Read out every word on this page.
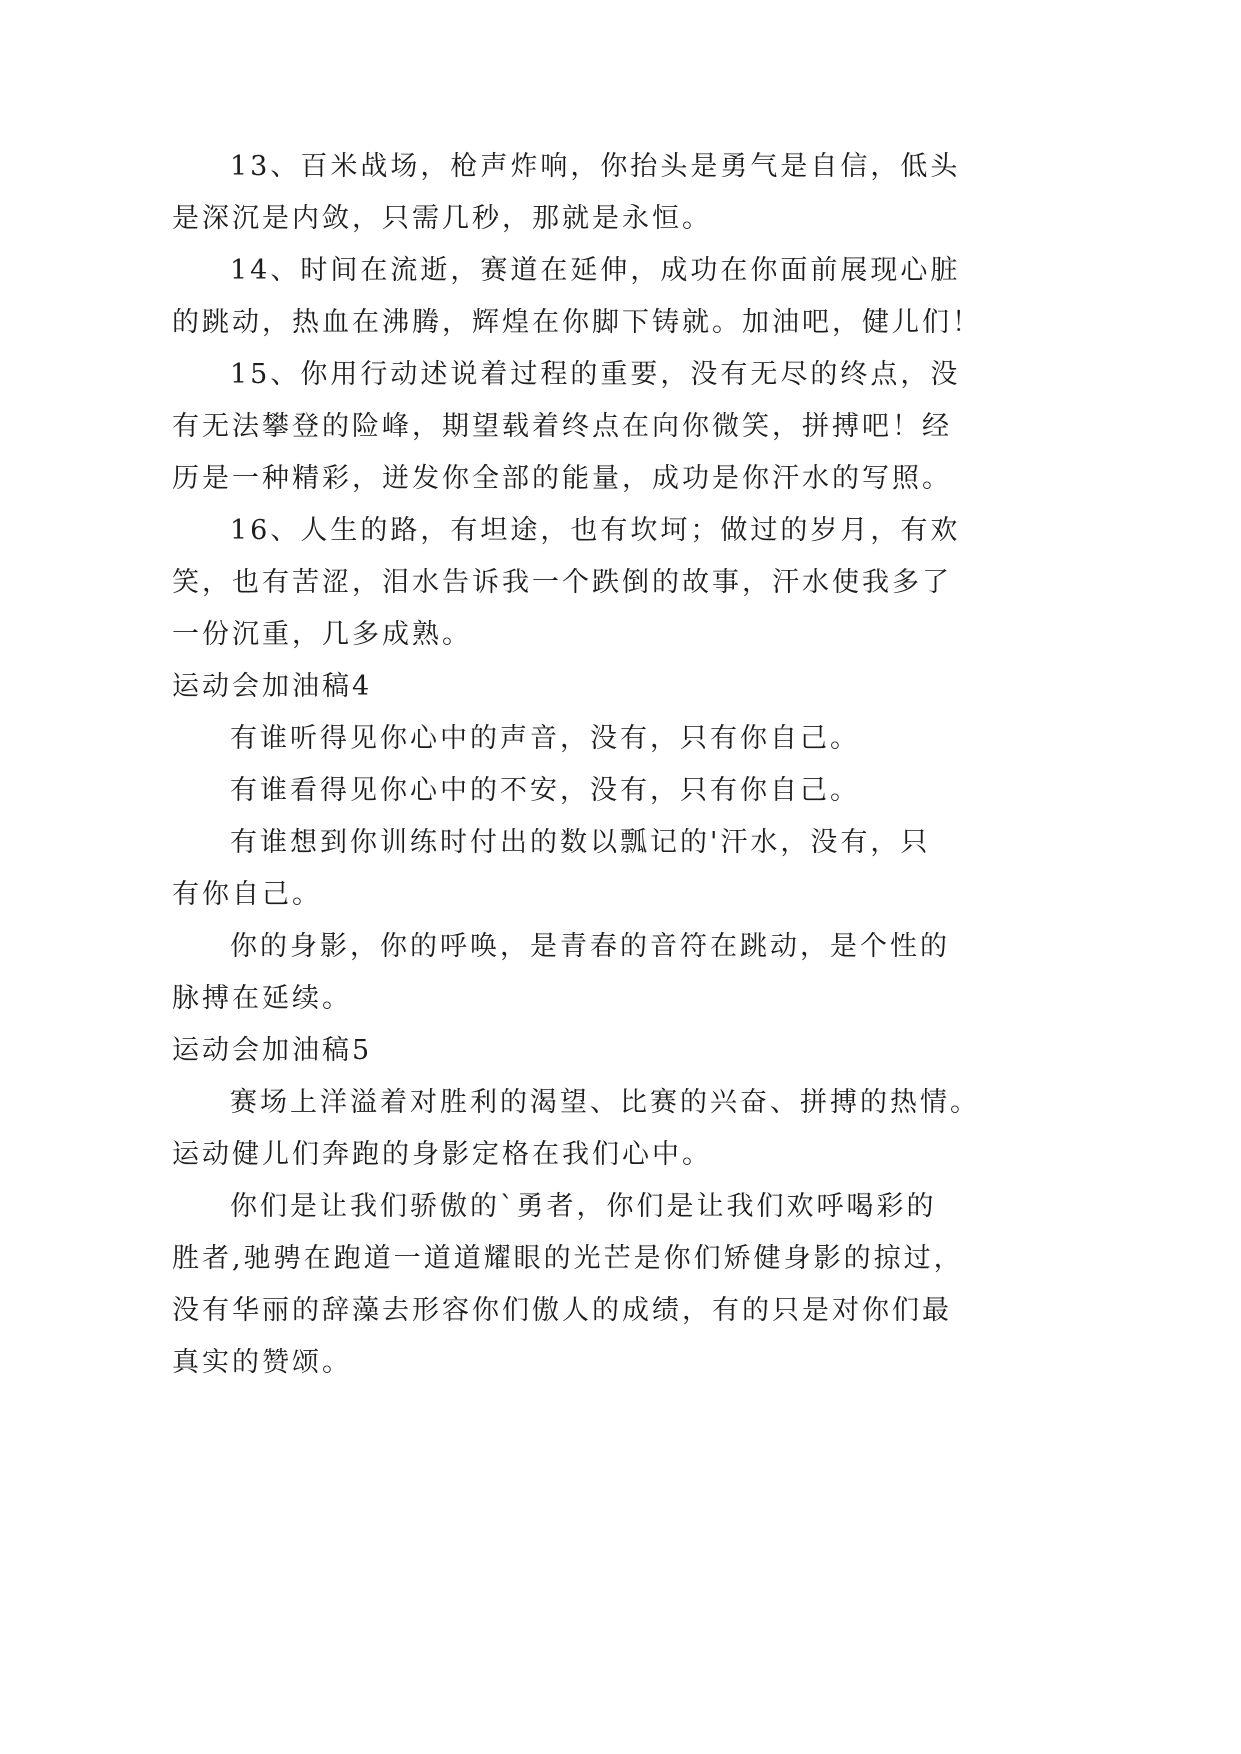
13、百米战场，枪声炸响，你抬头是勇气是自信，低头
是深沉是内敛，只需几秒，那就是永恒。
14、时间在流逝，赛道在延伸，成功在你面前展现心脏
的跳动，热血在沸腾，辉煌在你脚下铸就。加油吧，健儿们！
15、你用行动述说着过程的重要，没有无尽的终点，没
有无法攀登的险峰，期望载着终点在向你微笑，拼搏吧！经
历是一种精彩，迸发你全部的能量，成功是你汗水的写照。
16、人生的路，有坦途，也有坎坷；做过的岁月，有欢
笑，也有苦涩，泪水告诉我一个跌倒的故事，汗水使我多了
一份沉重，几多成熟。
运动会加油稿4
有谁听得见你心中的声音，没有，只有你自己。
有谁看得见你心中的不安，没有，只有你自己。
有谁想到你训练时付出的数以瓢记的'汗水，没有，只
有你自己。
你的身影，你的呼唤，是青春的音符在跳动，是个性的
脉搏在延续。
运动会加油稿5
赛场上洋溢着对胜利的渴望、比赛的兴奋、拼搏的热情。
运动健儿们奔跑的身影定格在我们心中。
你们是让我们骄傲的`勇者，你们是让我们欢呼喝彩的
胜者,驰骋在跑道一道道耀眼的光芒是你们矫健身影的掠过，
没有华丽的辞藻去形容你们傲人的成绩，有的只是对你们最
真实的赞颂。
